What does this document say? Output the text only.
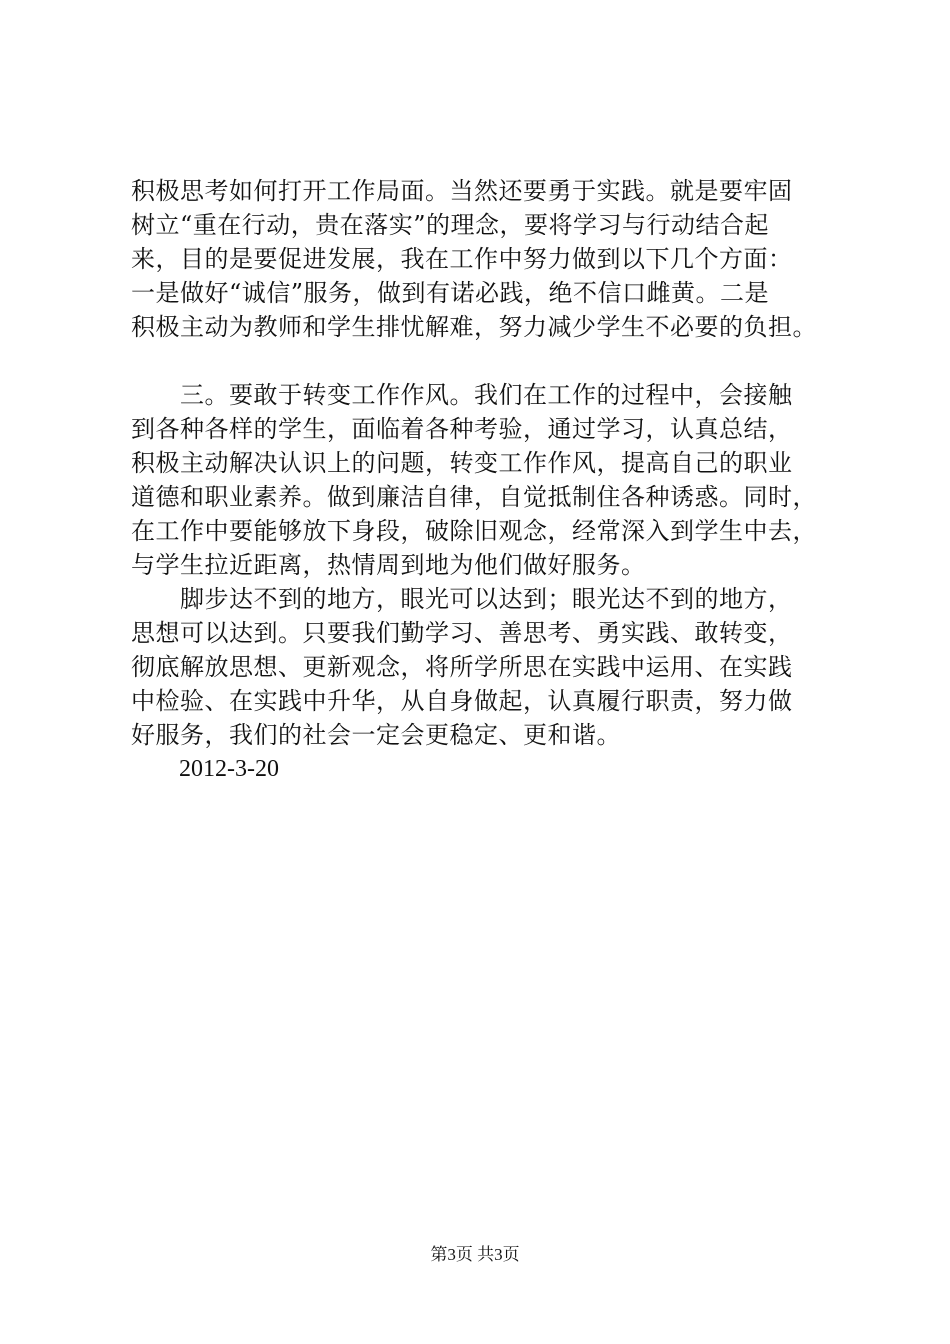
积极思考如何打开工作局面。当然还要勇于实践。就是要牢固
树立“重在行动，贵在落实”的理念，要将学习与行动结合起
来，目的是要促进发展，我在工作中努力做到以下几个方面：
一是做好“诚信”服务，做到有诺必践，绝不信口雌黄。二是
积极主动为教师和学生排忧解难，努力减少学生不必要的负担。
　　三。要敢于转变工作作风。我们在工作的过程中，会接触
到各种各样的学生，面临着各种考验，通过学习，认真总结，
积极主动解决认识上的问题，转变工作作风，提高自己的职业
道德和职业素养。做到廉洁自律，自觉抵制住各种诱惑。同时，
在工作中要能够放下身段，破除旧观念，经常深入到学生中去，
与学生拉近距离，热情周到地为他们做好服务。
　　脚步达不到的地方，眼光可以达到；眼光达不到的地方，
思想可以达到。只要我们勤学习、善思考、勇实践、敢转变，
彻底解放思想、更新观念，将所学所思在实践中运用、在实践
中检验、在实践中升华，从自身做起，认真履行职责，努力做
好服务，我们的社会一定会更稳定、更和谐。
2012-3-20
第3页 共3页
